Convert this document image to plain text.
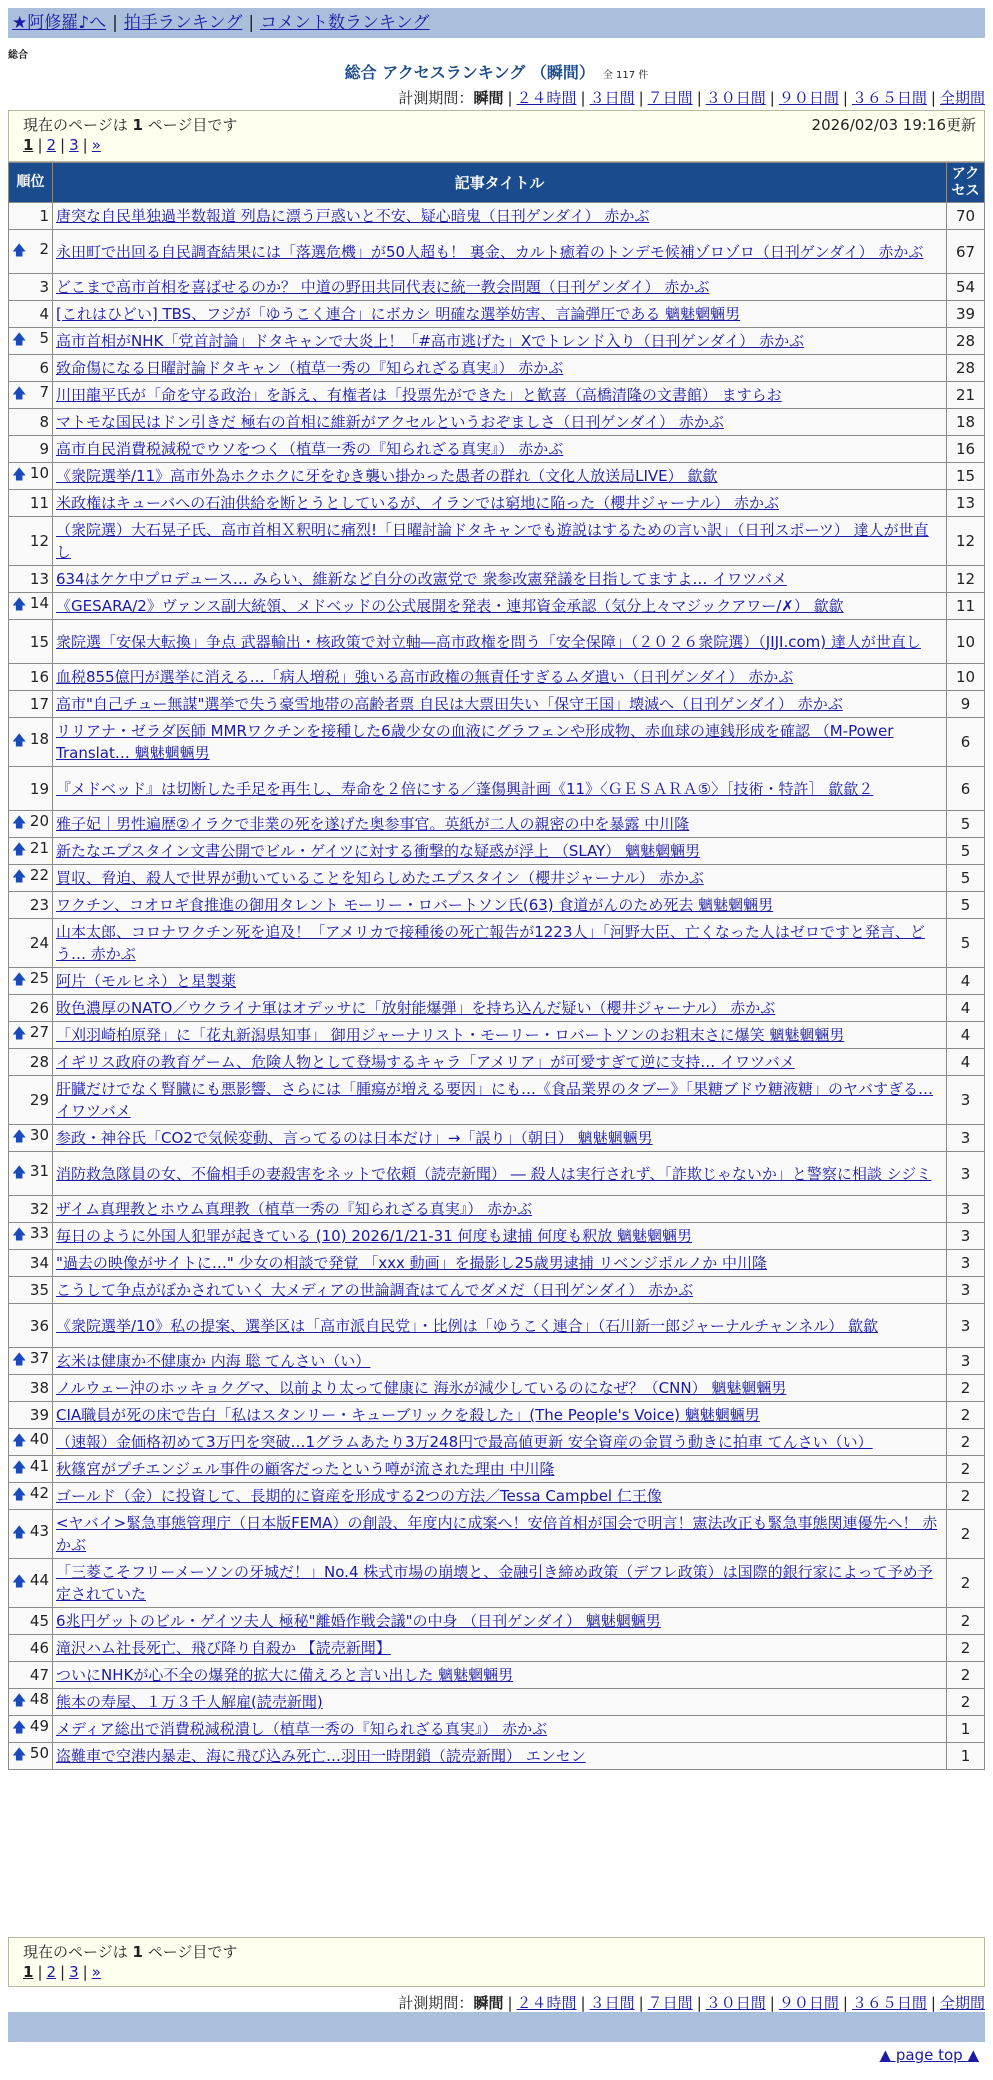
★阿修羅♪へ | 拍手ランキング | コメント数ランキング
総合
総合 アクセスランキング （瞬間） 全 117 件
計測期間：瞬間 | ２４時間 | ３日間 | ７日間 | ３０日間 | ９０日間 | ３６５日間 | 全期間
現在のページは 1 ページ目です	2026/02/03 19:16更新
1 | 2 | 3 | »
順位	記事タイトル	アクセス
1	唐突な自民単独過半数報道 列島に漂う戸惑いと不安、疑心暗鬼（日刊ゲンダイ） 赤かぶ	70

🡅 2	永田町で出回る自民調査結果には「落選危機」が50人超も！ 裏金、カルト癒着のトンデモ候補ゾロゾロ（日刊ゲンダイ） 赤かぶ	67
3	どこまで高市首相を喜ばせるのか？ 中道の野田共同代表に統一教会問題（日刊ゲンダイ） 赤かぶ	54
4	[これはひどい] TBS、フジが「ゆうこく連合」にボカシ 明確な選挙妨害、言論弾圧である 魑魅魍魎男	39

🡅 5	高市首相がNHK「党首討論」ドタキャンで大炎上！「#高市逃げた」Xでトレンド入り（日刊ゲンダイ） 赤かぶ	28
6	致命傷になる日曜討論ドタキャン（植草一秀の『知られざる真実』） 赤かぶ	28

🡅 7	川田龍平氏が「命を守る政治」を訴え、有権者は「投票先ができた」と歓喜（高橋清隆の文書館） ますらお	21
8	マトモな国民はドン引きだ 極右の首相に維新がアクセルというおぞましさ（日刊ゲンダイ） 赤かぶ	18
9	高市自民消費税減税でウソをつく（植草一秀の『知られざる真実』） 赤かぶ	16

🡅 10	《衆院選挙/11》高市外為ホクホクに牙をむき襲い掛かった愚者の群れ（文化人放送局LIVE） 歙歙	15
11	米政権はキューバへの石油供給を断とうとしているが、イランでは窮地に陥った（櫻井ジャーナル） 赤かぶ	13
12	（衆院選）大石晃子氏、高市首相Ｘ釈明に痛烈!「日曜討論ドタキャンでも遊説はするための言い訳」（日刊スポーツ） 達人が世直し	12
13	634はケケ中プロデュース… みらい、維新など自分の改憲党で 衆参改憲発議を目指してますよ… イワツバメ	12

🡅 14	《GESARA/2》ヴァンス副大統領、メドベッドの公式展開を発表・連邦資金承認（気分上々マジックアワー/✗） 歙歙	11
15	衆院選「安保大転換」争点 武器輸出・核政策で対立軸―高市政権を問う「安全保障」（２０２６衆院選）（JIJI.com) 達人が世直し	10
16	血税855億円が選挙に消える…「病人増税」強いる高市政権の無責任すぎるムダ遣い（日刊ゲンダイ） 赤かぶ	10
17	高市"自己チュー無謀"選挙で失う豪雪地帯の高齢者票 自民は大票田失い「保守王国」壊滅へ（日刊ゲンダイ） 赤かぶ	9

🡅 18	リリアナ・ゼラダ医師 MMRワクチンを接種した6歳少女の血液にグラフェンや形成物、赤血球の連銭形成を確認 （M-Power Translat… 魑魅魍魎男	6
19	『メドベッド』は切断した手足を再生し、寿命を２倍にする／蓬傷興計画《11》〈ＧＥＳＡＲＡ⑤〉［技術・特許］ 歙歙２	6

🡅 20	雅子妃｜男性遍歴②イラクで非業の死を遂げた奥参事官。英紙が二人の親密の中を暴露 中川隆	5

🡅 21	新たなエプスタイン文書公開でビル・ゲイツに対する衝撃的な疑惑が浮上 （SLAY） 魑魅魍魎男	5

🡅 22	買収、脅迫、殺人で世界が動いていることを知らしめたエプスタイン（櫻井ジャーナル） 赤かぶ	5
23	ワクチン、コオロギ食推進の御用タレント モーリー・ロバートソン氏(63) 食道がんのため死去 魑魅魍魎男	5
24	山本太郎、コロナワクチン死を追及！「アメリカで接種後の死亡報告が1223人」「河野大臣、亡くなった人はゼロですと発言、どう… 赤かぶ	5

🡅 25	阿片（モルヒネ）と星製薬	4
26	敗色濃厚のNATO／ウクライナ軍はオデッサに「放射能爆弾」を持ち込んだ疑い（櫻井ジャーナル） 赤かぶ	4

🡅 27	「刈羽崎柏原発」に「花丸新潟県知事」 御用ジャーナリスト・モーリー・ロバートソンのお粗末さに爆笑 魑魅魍魎男	4
28	イギリス政府の教育ゲーム、危険人物として登場するキャラ「アメリア」が可愛すぎて逆に支持… イワツバメ	4
29	肝臓だけでなく腎臓にも悪影響、さらには「腫瘍が増える要因」にも…《食品業界のタブー》「果糖ブドウ糖液糖」のヤバすぎる… イワツバメ	3

🡅 30	参政・神谷氏「CO2で気候変動、言ってるのは日本だけ」→「誤り」（朝日） 魑魅魍魎男	3

🡅 31	消防救急隊員の女、不倫相手の妻殺害をネットで依頼（読売新聞） ― 殺人は実行されず、「詐欺じゃないか」と警察に相談 シジミ	3
32	ザイム真理教とホウム真理教（植草一秀の『知られざる真実』） 赤かぶ	3

🡅 33	毎日のように外国人犯罪が起きている (10) 2026/1/21-31 何度も逮捕 何度も釈放 魑魅魍魎男	3
34	"過去の映像がサイトに…" 少女の相談で発覚 「xxx 動画」を撮影し25歳男逮捕 リベンジポルノか 中川隆	3
35	こうして争点がぼかされていく 大メディアの世論調査はてんでダメだ（日刊ゲンダイ） 赤かぶ	3
36	《衆院選挙/10》私の提案、選挙区は「高市派自民党」・比例は「ゆうこく連合」（石川新一郎ジャーナルチャンネル） 歙歙	3

🡅 37	玄米は健康か不健康か 内海 聡 てんさい（い）	3
38	ノルウェー沖のホッキョクグマ、以前より太って健康に 海氷が減少しているのになぜ？（CNN） 魑魅魍魎男	2
39	CIA職員が死の床で告白「私はスタンリー・キューブリックを殺した」(The People's Voice) 魑魅魍魎男	2

🡅 40	（速報）金価格初めて3万円を突破…1グラムあたり3万248円で最高値更新 安全資産の金買う動きに拍車 てんさい（い）	2

🡅 41	秋篠宮がプチエンジェル事件の顧客だったという噂が流された理由 中川隆	2

🡅 42	ゴールド（金）に投資して、長期的に資産を形成する2つの方法／Tessa Campbel 仁王像	2

🡅 43	<ヤバイ>緊急事態管理庁（日本版FEMA）の創設、年度内に成案へ！安倍首相が国会で明言！憲法改正も緊急事態関連優先へ！ 赤かぶ	2

🡅 44	「三菱こそフリーメーソンの牙城だ！」No.4 株式市場の崩壊と、金融引き締め政策（デフレ政策）は国際的銀行家によって予め予定されていた	2
45	6兆円ゲットのビル・ゲイツ夫人 極秘"離婚作戦会議"の中身 （日刊ゲンダイ） 魑魅魍魎男	2
46	滝沢ハム社長死亡、飛び降り自殺か 【読売新聞】	2
47	ついにNHKが心不全の爆発的拡大に備えろと言い出した 魑魅魍魎男	2

🡅 48	熊本の寿屋、１万３千人解雇(読売新聞)	2

🡅 49	メディア総出で消費税減税潰し（植草一秀の『知られざる真実』） 赤かぶ	1

🡅 50	盗難車で空港内暴走、海に飛び込み死亡…羽田一時閉鎖（読売新聞） エンセン	1
現在のページは 1 ページ目です
1 | 2 | 3 | »
計測期間：瞬間 | ２４時間 | ３日間 | ７日間 | ３０日間 | ９０日間 | ３６５日間 | 全期間
▲ page top ▲
